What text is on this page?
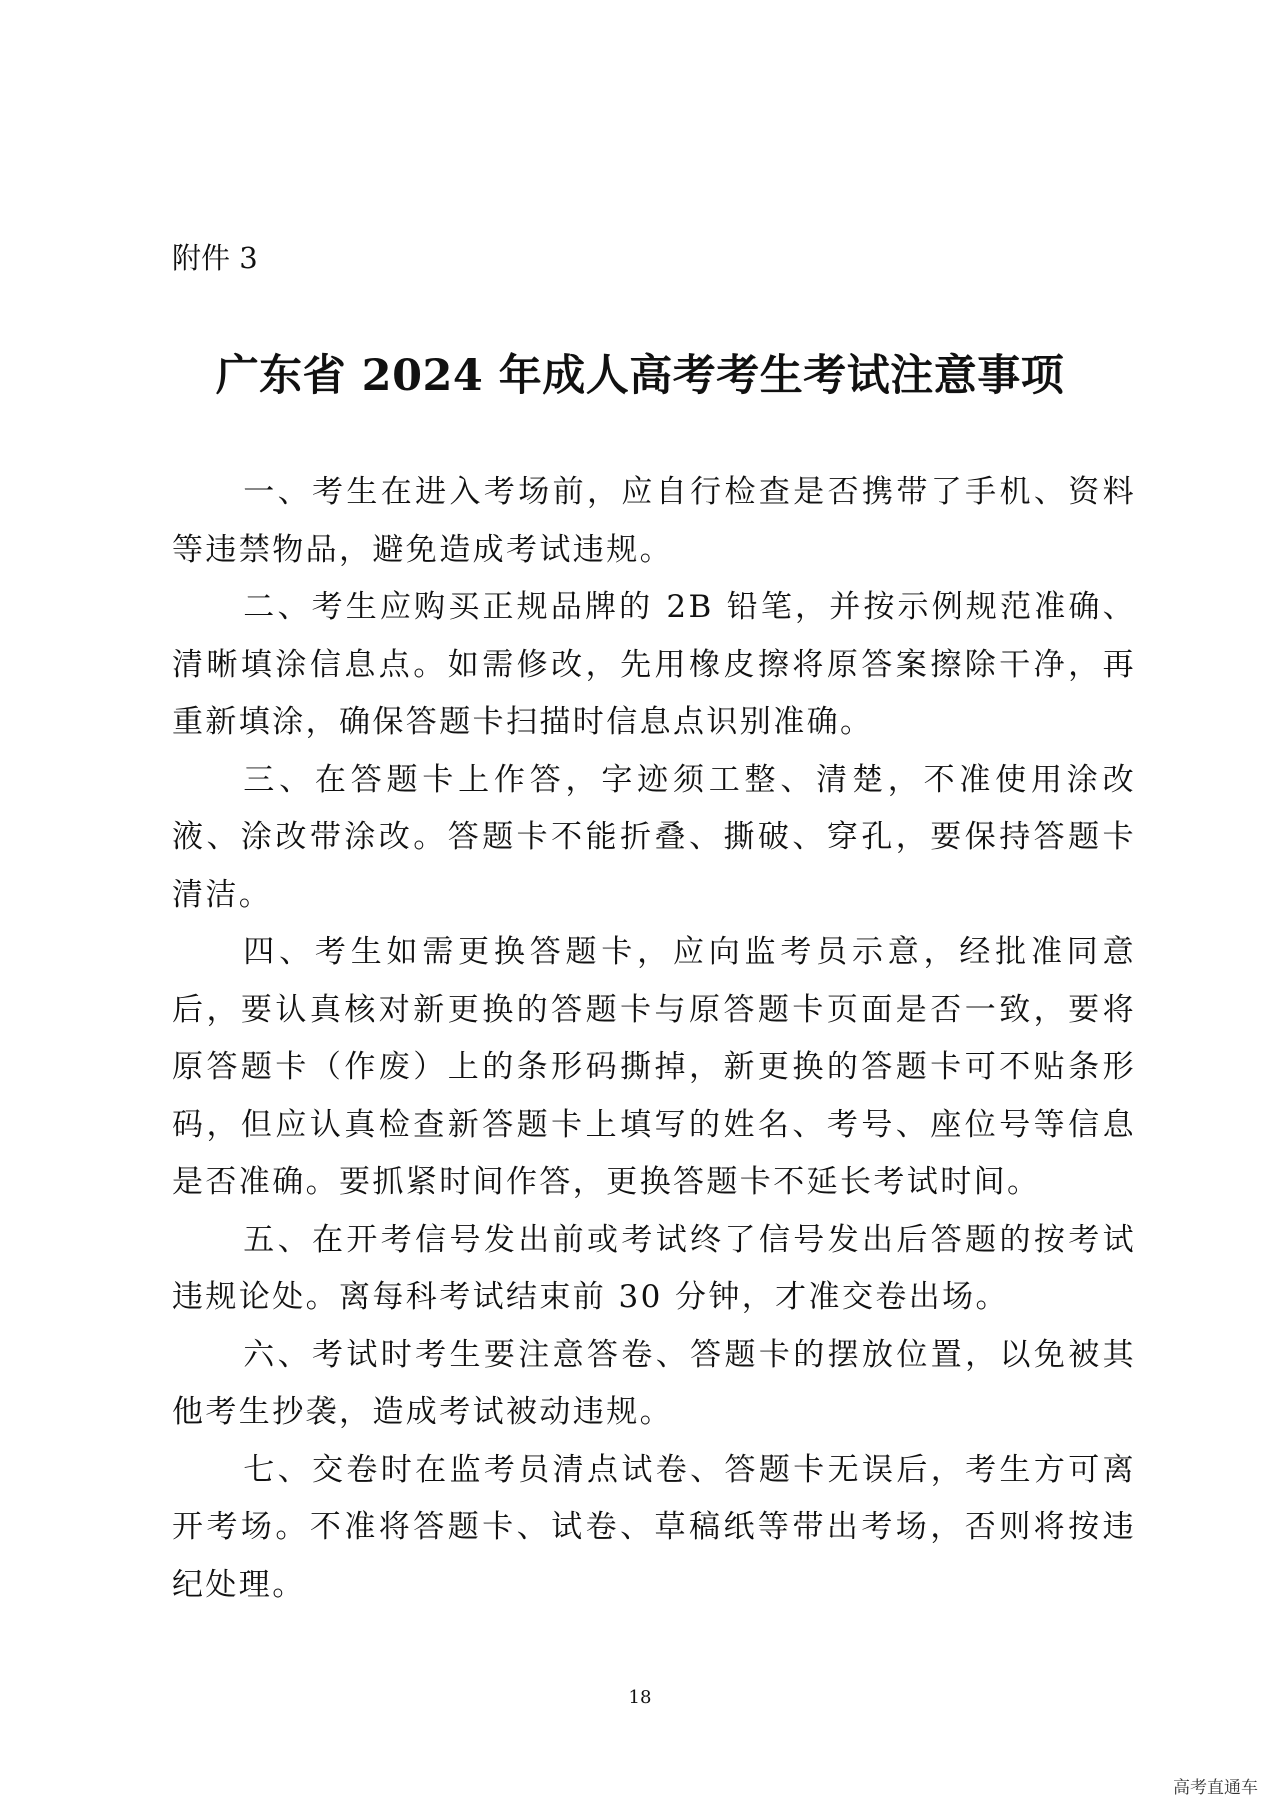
附件 3
广东省 2024 年成人高考考生考试注意事项

一、考生在进入考场前，应自行检查是否携带了手机、资料等违禁物品，避免造成考试违规。

二、考生应购买正规品牌的 2B 铅笔，并按示例规范准确、清晰填涂信息点。如需修改，先用橡皮擦将原答案擦除干净，再重新填涂，确保答题卡扫描时信息点识别准确。

三、在答题卡上作答，字迹须工整、清楚，不准使用涂改液、涂改带涂改。答题卡不能折叠、撕破、穿孔，要保持答题卡清洁。

四、考生如需更换答题卡，应向监考员示意，经批准同意后，要认真核对新更换的答题卡与原答题卡页面是否一致，要将原答题卡（作废）上的条形码撕掉，新更换的答题卡可不贴条形码，但应认真检查新答题卡上填写的姓名、考号、座位号等信息是否准确。要抓紧时间作答，更换答题卡不延长考试时间。

五、在开考信号发出前或考试终了信号发出后答题的按考试违规论处。离每科考试结束前 30 分钟，才准交卷出场。

六、考试时考生要注意答卷、答题卡的摆放位置，以免被其他考生抄袭，造成考试被动违规。

七、交卷时在监考员清点试卷、答题卡无误后，考生方可离开考场。不准将答题卡、试卷、草稿纸等带出考场，否则将按违纪处理。

18
高考直通车
